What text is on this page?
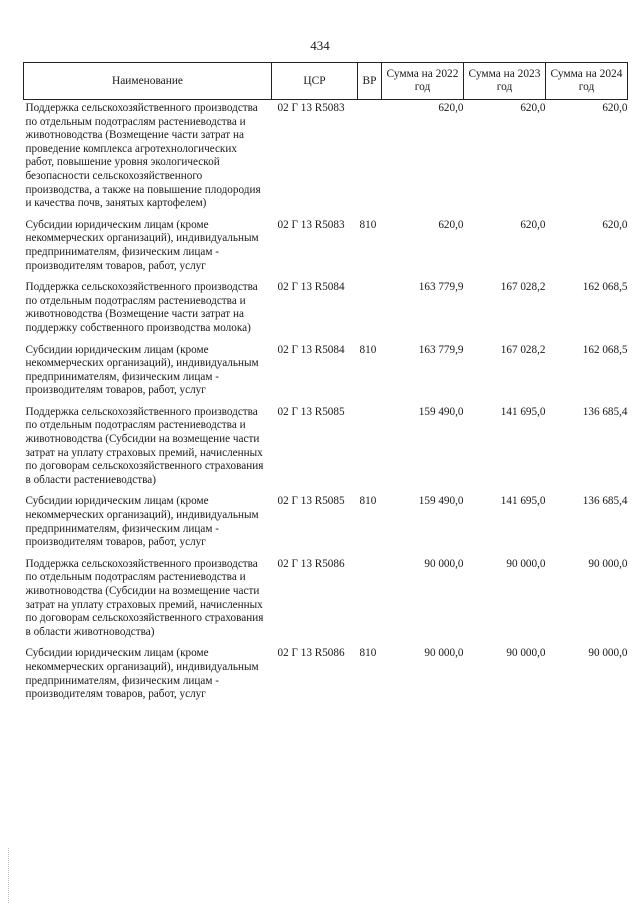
434
Наименование	ЦСР	ВР	Сумма на 2022 год	Сумма на 2023 год	Сумма на 2024 год
Поддержка сельскохозяйственного производства по отдельным подотраслям растениеводства и животноводства (Возмещение части затрат на проведение комплекса агротехнологических работ, повышение уровня экологической безопасности сельскохозяйственного производства, а также на повышение плодородия и качества почв, занятых картофелем)	02 Г 13 R5083		620,0	620,0	620,0
Субсидии юридическим лицам (кроме некоммерческих организаций), индивидуальным предпринимателям, физическим лицам - производителям товаров, работ, услуг	02 Г 13 R5083	810	620,0	620,0	620,0
Поддержка сельскохозяйственного производства по отдельным подотраслям растениеводства и животноводства (Возмещение части затрат на поддержку собственного производства молока)	02 Г 13 R5084		163 779,9	167 028,2	162 068,5
Субсидии юридическим лицам (кроме некоммерческих организаций), индивидуальным предпринимателям, физическим лицам - производителям товаров, работ, услуг	02 Г 13 R5084	810	163 779,9	167 028,2	162 068,5
Поддержка сельскохозяйственного производства по отдельным подотраслям растениеводства и животноводства (Субсидии на возмещение части затрат на уплату страховых премий, начисленных по договорам сельскохозяйственного страхования в области растениеводства)	02 Г 13 R5085		159 490,0	141 695,0	136 685,4
Субсидии юридическим лицам (кроме некоммерческих организаций), индивидуальным предпринимателям, физическим лицам - производителям товаров, работ, услуг	02 Г 13 R5085	810	159 490,0	141 695,0	136 685,4
Поддержка сельскохозяйственного производства по отдельным подотраслям растениеводства и животноводства (Субсидии на возмещение части затрат на уплату страховых премий, начисленных по договорам сельскохозяйственного страхования в области животноводства)	02 Г 13 R5086		90 000,0	90 000,0	90 000,0
Субсидии юридическим лицам (кроме некоммерческих организаций), индивидуальным предпринимателям, физическим лицам - производителям товаров, работ, услуг	02 Г 13 R5086	810	90 000,0	90 000,0	90 000,0
